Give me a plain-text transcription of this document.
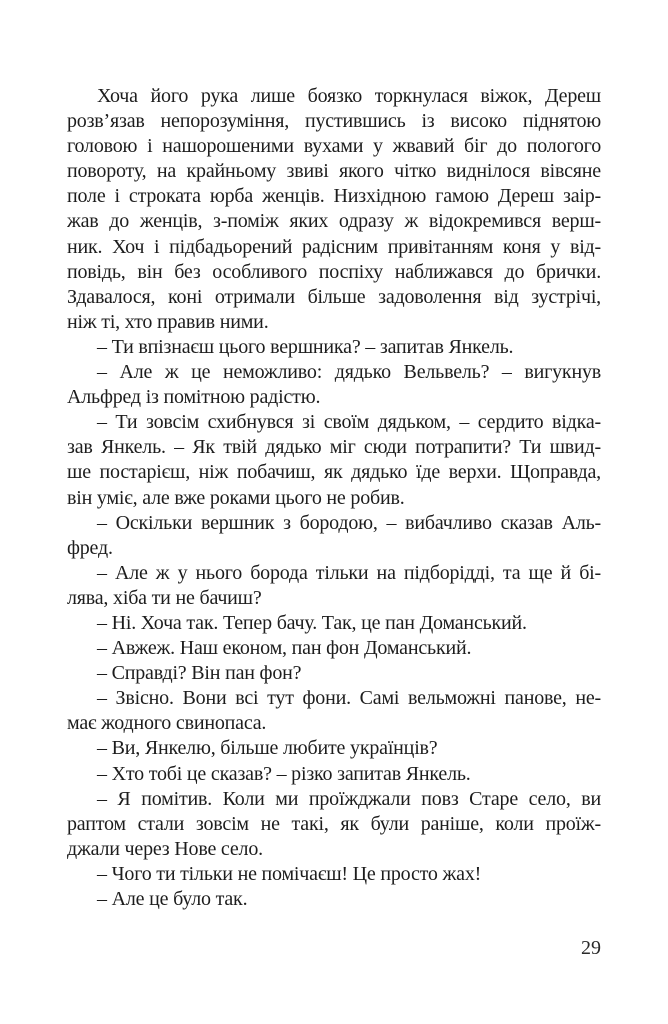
Хоча його рука лише боязко торкнулася віжок, Дереш
розв’язав непорозуміння, пустившись із високо піднятою
головою і нашорошеними вухами у жвавий біг до пологого
повороту, на крайньому звиві якого чітко виднілося вівсяне
поле і строката юрба женців. Низхідною гамою Дереш заір-
жав до женців, з-поміж яких одразу ж відокремився верш-
ник. Хоч і підбадьорений радісним привітанням коня у від-
повідь, він без особливого поспіху наближався до брички.
Здавалося, коні отримали більше задоволення від зустрічі,
ніж ті, хто правив ними.
– Ти впізнаєш цього вершника? – запитав Янкель.
– Але ж це неможливо: дядько Вельвель? – вигукнув
Альфред із помітною радістю.
– Ти зовсім схибнувся зі своїм дядьком, – сердито відка-
зав Янкель. – Як твій дядько міг сюди потрапити? Ти швид-
ше постарієш, ніж побачиш, як дядько їде верхи. Щоправда,
він уміє, але вже роками цього не робив.
– Оскільки вершник з бородою, – вибачливо сказав Аль-
фред.
– Але ж у нього борода тільки на підборідді, та ще й бі-
лява, хіба ти не бачиш?
– Ні. Хоча так. Тепер бачу. Так, це пан Доманський.
– Авжеж. Наш економ, пан фон Доманський.
– Справді? Він пан фон?
– Звісно. Вони всі тут фони. Самі вельможні панове, не-
має жодного свинопаса.
– Ви, Янкелю, більше любите українців?
– Хто тобі це сказав? – різко запитав Янкель.
– Я помітив. Коли ми проїжджали повз Старе село, ви
раптом стали зовсім не такі, як були раніше, коли проїж-
джали через Нове село.
– Чого ти тільки не помічаєш! Це просто жах!
– Але це було так.
29
